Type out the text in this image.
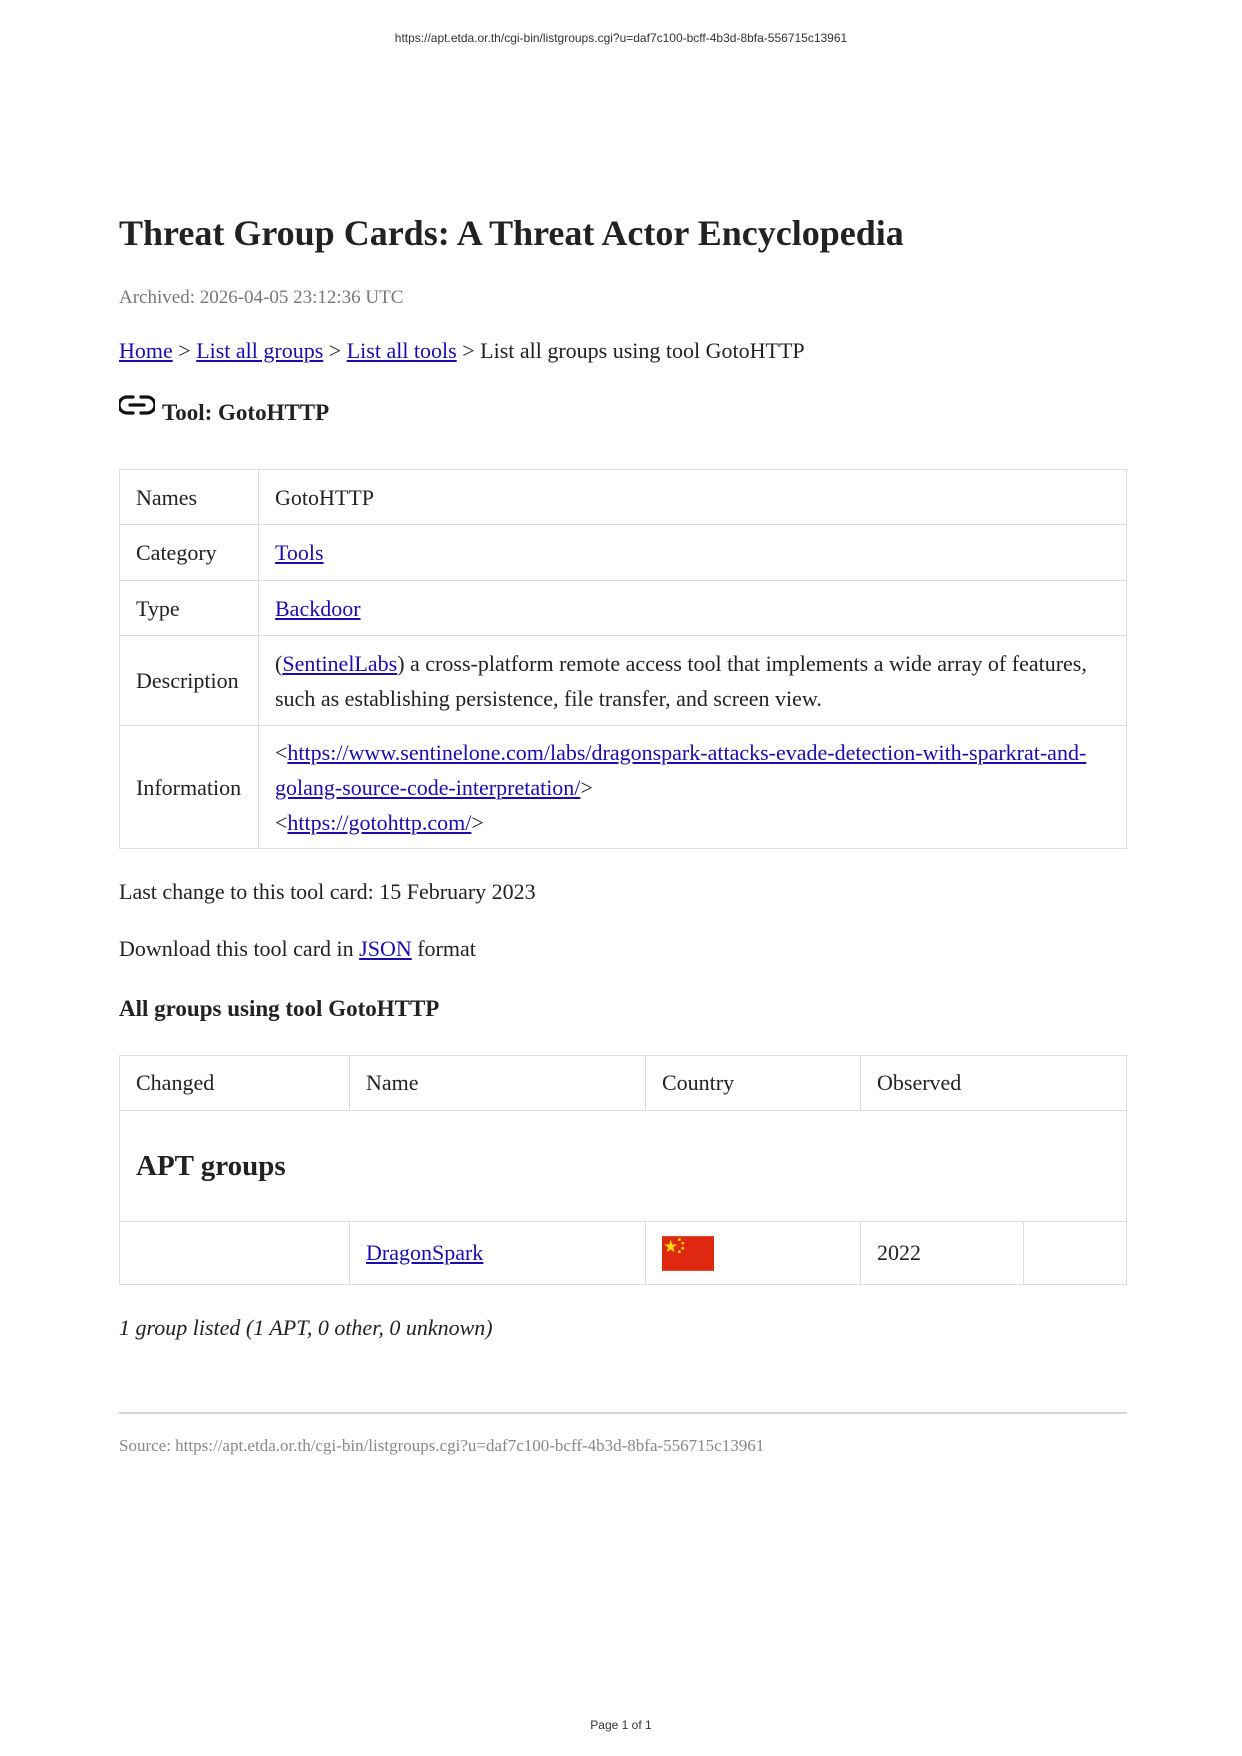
https://apt.etda.or.th/cgi-bin/listgroups.cgi?u=daf7c100-bcff-4b3d-8bfa-556715c13961
Threat Group Cards: A Threat Actor Encyclopedia
Archived: 2026-04-05 23:12:36 UTC
Home > List all groups > List all tools > List all groups using tool GotoHTTP
Tool: GotoHTTP
Names	GotoHTTP
Category	Tools
Type	Backdoor
Description	(SentinelLabs) a cross-platform remote access tool that implements a wide array of features, such as establishing persistence, file transfer, and screen view.
Information	<https://www.sentinelone.com/labs/dragonspark-attacks-evade-detection-with-sparkrat-and-
golang-source-code-interpretation/>
<https://gotohttp.com/>
Last change to this tool card: 15 February 2023
Download this tool card in JSON format
All groups using tool GotoHTTP
Changed	Name	Country	Observed	
APT groups				
	DragonSpark		2022	
1 group listed (1 APT, 0 other, 0 unknown)
Source: https://apt.etda.or.th/cgi-bin/listgroups.cgi?u=daf7c100-bcff-4b3d-8bfa-556715c13961
Page 1 of 1
